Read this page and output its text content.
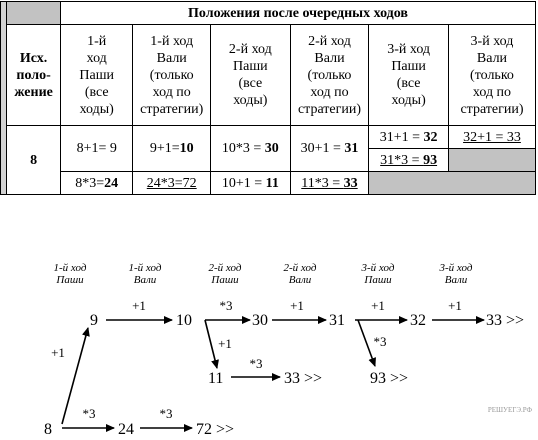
		Положения после очередных ходов					
	Исх.
поло-
жение	1-й
ход
Паши
(все
ходы)	1-й ход
Вали
(только
ход по
стратегии)	2-й ход
Паши
(все
ходы)	2-й ход
Вали
(только
ход по
стратегии)	3-й ход
Паши
(все
ходы)	3-й ход
Вали
(только
ход по
стратегии)
	8	8+1= 9	9+1=10	10*3 = 30	30+1 = 31	31+1 = 32	32+1 = 33
						31*3 = 93	
		8*3=24	24*3=72	10+1 = 11	11*3 = 33		
1-й ход
Паши
1-й ход
Вали
2-й ход
Паши
2-й ход
Вали
3-й ход
Паши
3-й ход
Вали
+1
+1	*3
+1
+1	+1
*3
+1
*3
*3	*3
8
9	10	30	31	32	33 >>
11	33 >>	93 >>
24	72 >>
РЕШУЕГЭ.РФ
